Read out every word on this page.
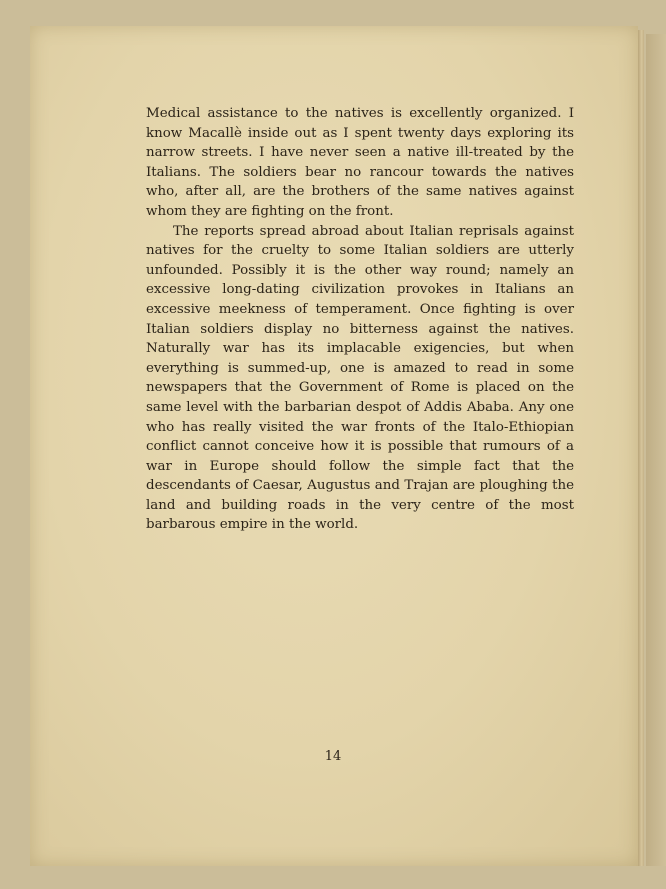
Medical assistance to the natives is excellently organized. I know Macallè inside out as I spent twenty days exploring its narrow streets. I have never seen a native ill-treated by the Italians. The soldiers bear no rancour towards the natives who, after all, are the brothers of the same natives against whom they are fighting on the front.

The reports spread abroad about Italian reprisals against natives for the cruelty to some Italian soldiers are utterly unfounded. Possibly it is the other way round; namely an excessive long-dating civilization provokes in Italians an excessive meekness of temperament. Once fighting is over Italian soldiers display no bitterness against the natives. Naturally war has its implacable exigencies, but when everything is summed-up, one is amazed to read in some newspapers that the Government of Rome is placed on the same level with the barbarian despot of Addis Ababa. Any one who has really visited the war fronts of the Italo-Ethiopian conflict cannot conceive how it is possible that rumours of a war in Europe should follow the simple fact that the descendants of Caesar, Augustus and Trajan are ploughing the land and building roads in the very centre of the most barbarous empire in the world.

14
